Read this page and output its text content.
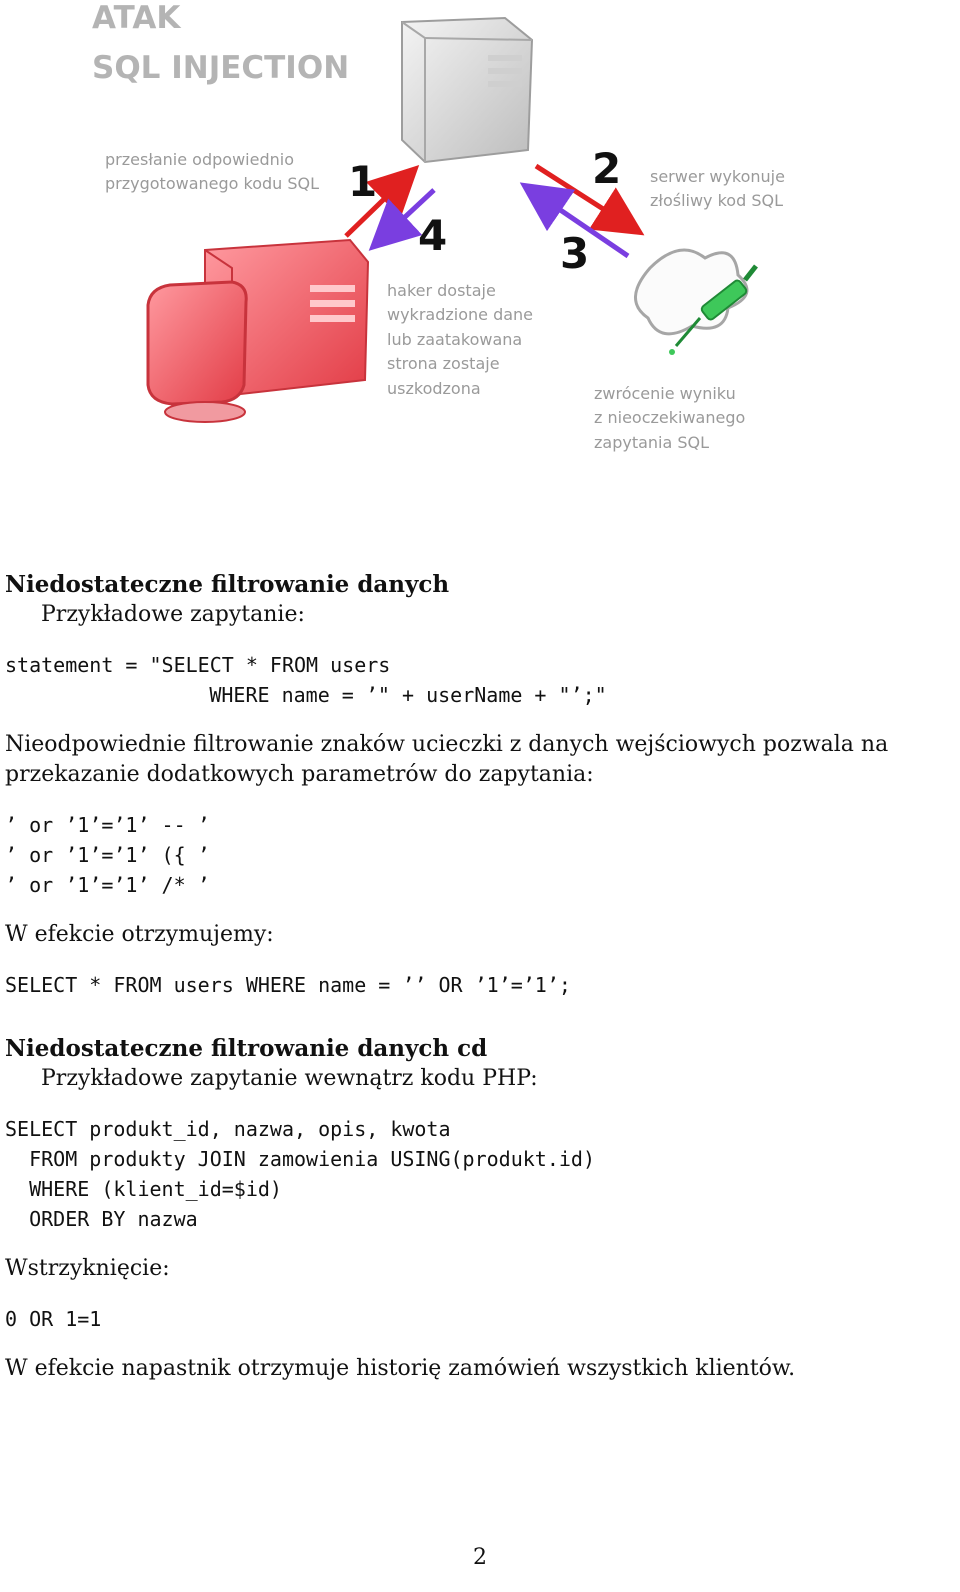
ATAK
SQL INJECTION
1
4
2
3
przesłanie odpowiednio
przygotowanego kodu SQL	serwer wykonuje
złośliwy kod SQL
haker dostaje
wykradzione dane
lub zaatakowana
strona zostaje
uszkodzona	zwrócenie wyniku
z nieoczekiwanego
zapytania SQL
Niedostateczne filtrowanie danych

Przykładowe zapytanie:

statement = "SELECT * FROM users
WHERE name = ’" + userName + "’;"

Nieodpowiednie filtrowanie znaków ucieczki z danych wejściowych pozwala na przekazanie dodatkowych parametrów do zapytania:

’ or ’1’=’1’ -- ’
’ or ’1’=’1’ ({ ’
’ or ’1’=’1’ /* ’

W efekcie otrzymujemy:

SELECT * FROM users WHERE name = ’’ OR ’1’=’1’;
Niedostateczne filtrowanie danych cd

Przykładowe zapytanie wewnątrz kodu PHP:

SELECT produkt_id, nazwa, opis, kwota
FROM produkty JOIN zamowienia USING(produkt.id)
WHERE (klient_id=$id)
ORDER BY nazwa

Wstrzyknięcie:

0 OR 1=1

W efekcie napastnik otrzymuje historię zamówień wszystkich klientów.

2
